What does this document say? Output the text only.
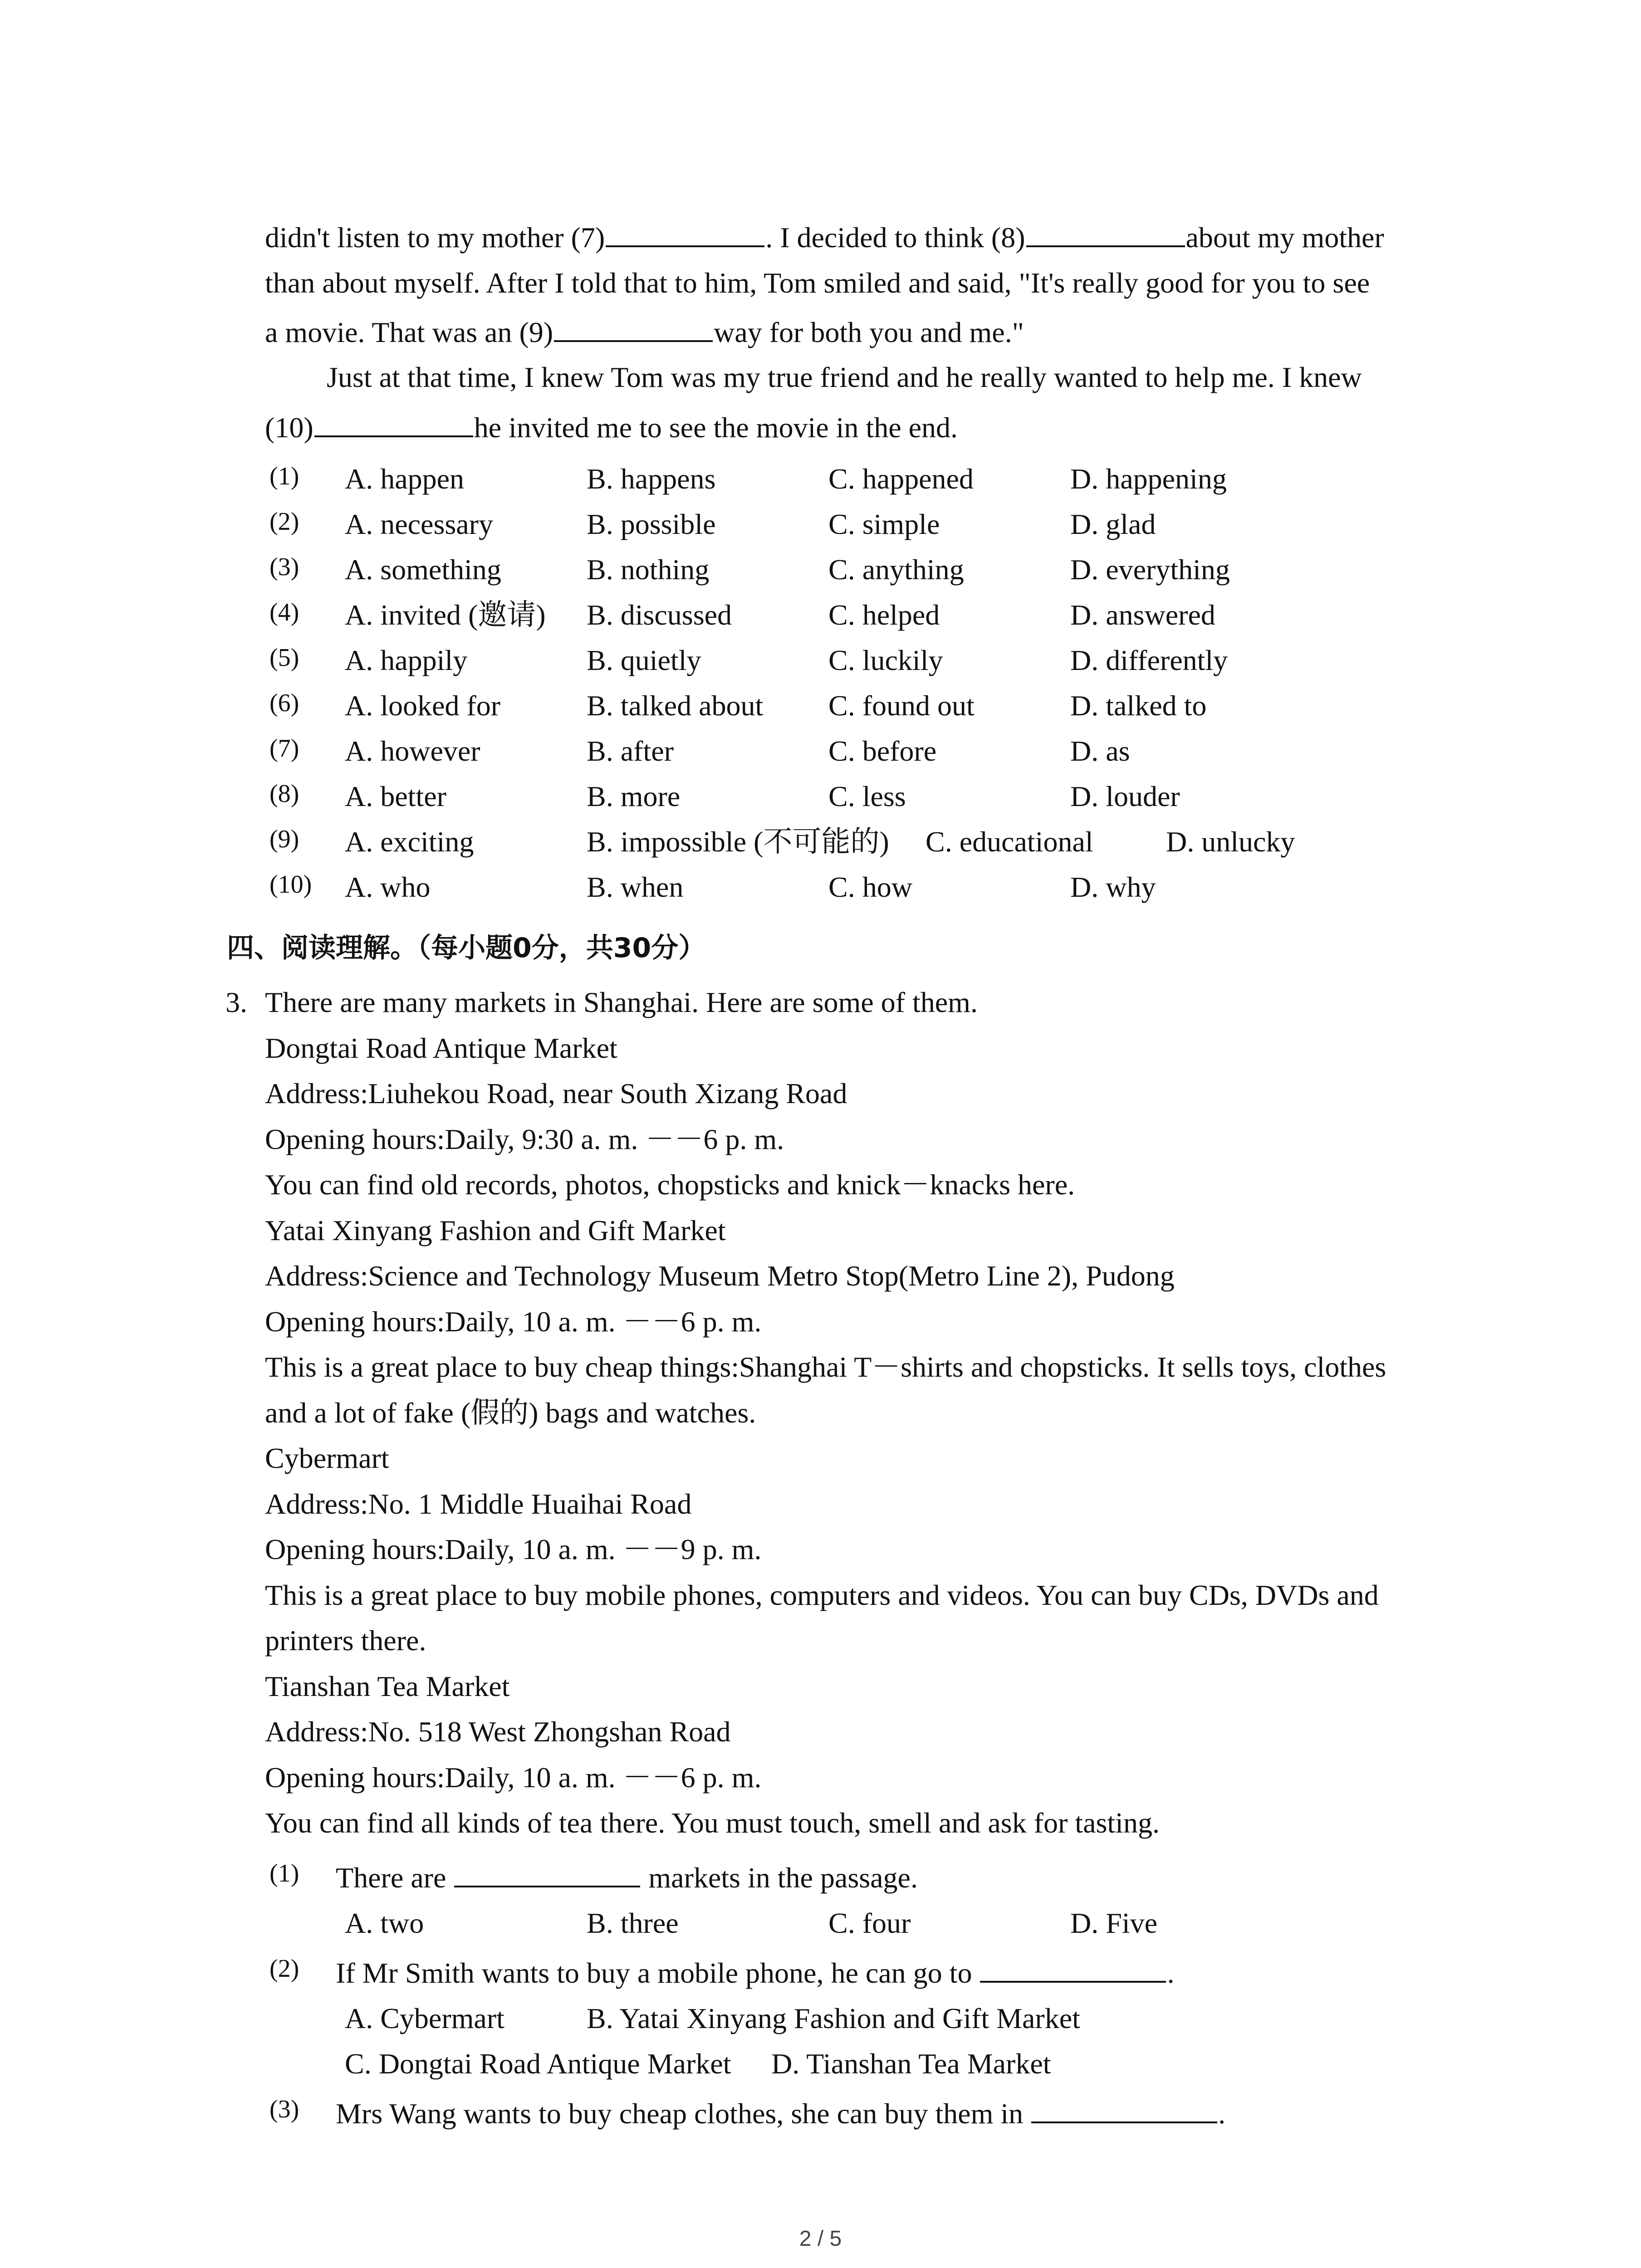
didn't listen to my mother (7)	. I decided to think (8)	about my mother
than about myself. After I told that to him, Tom smiled and said, "It's really good for you to see
a movie. That was an (9)	way for both you and me."
Just at that time, I knew Tom was my true friend and he really wanted to help me. I knew
(10)	he invited me to see the movie in the end.
(1) A. happen	B. happens	C. happened	D. happening
(2) A. necessary	B. possible	C. simple	D. glad
(3) A. something	B. nothing	C. anything	D. everything
(4) A. invited (邀请) B. discussed	C. helped	D. answered
(5) A. happily	B. quietly	C. luckily	D. differently
(6) A. looked for	B. talked about C. found out	D. talked to
(7) A. however	B. after	C. before	D. as
(8) A. better	B. more	C. less	D. louder
(9) A. exciting	B. impossible (不可能的) C. educational	D. unlucky
(10) A. who	B. when	C. how	D. why
四、阅读理解。（每小题0分，共30分）
3. There are many markets in Shanghai. Here are some of them.
Dongtai Road Antique Market
Address:Liuhekou Road, near South Xizang Road
Opening hours:Daily, 9:30 a. m. －－6 p. m.
You can find old records, photos, chopsticks and knick－knacks here.
Yatai Xinyang Fashion and Gift Market
Address:Science and Technology Museum Metro Stop(Metro Line 2), Pudong
Opening hours:Daily, 10 a. m. －－6 p. m.
This is a great place to buy cheap things:Shanghai T－shirts and chopsticks. It sells toys, clothes
and a lot of fake (假的) bags and watches.
Cybermart
Address:No. 1 Middle Huaihai Road
Opening hours:Daily, 10 a. m. －－9 p. m.
This is a great place to buy mobile phones, computers and videos. You can buy CDs, DVDs and
printers there.
Tianshan Tea Market
Address:No. 518 West Zhongshan Road
Opening hours:Daily, 10 a. m. －－6 p. m.
You can find all kinds of tea there. You must touch, smell and ask for tasting.
(1) There are	markets in the passage.
A. two	B. three	C. four	D. Five
(2) If Mr Smith wants to buy a mobile phone, he can go to	.
A. Cybermart	B. Yatai Xinyang Fashion and Gift Market
C. Dongtai Road Antique Market D. Tianshan Tea Market
(3) Mrs Wang wants to buy cheap clothes, she can buy them in	.
2 / 5
